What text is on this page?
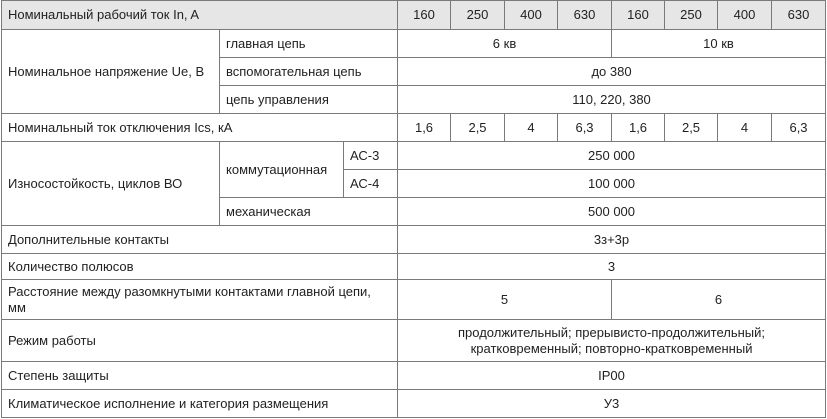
Номинальный рабочий ток In, A			160	250	400	630	160	250	400	630
Номинальное напряжение Ue, В	главная цепь		6 кв				10 кв			
	вспомогательная цепь		до 380							
	цепь управления		110, 220, 380							
Номинальный ток отключения Ics, кА			1,6	2,5	4	6,3	1,6	2,5	4	6,3
Износостойкость, циклов ВО	коммутационная	АС-3	250 000							
		АС-4	100 000							
	механическая		500 000							
Дополнительные контакты			3з+3р							
Количество полюсов			3							
Расстояние между разомкнутыми контактами главной цепи, мм			5				6			
Режим работы			продолжительный; прерывисто-продолжительный; кратковременный; повторно-кратковременный							
Степень защиты			IP00							
Климатическое исполнение и категория размещения			У3							
